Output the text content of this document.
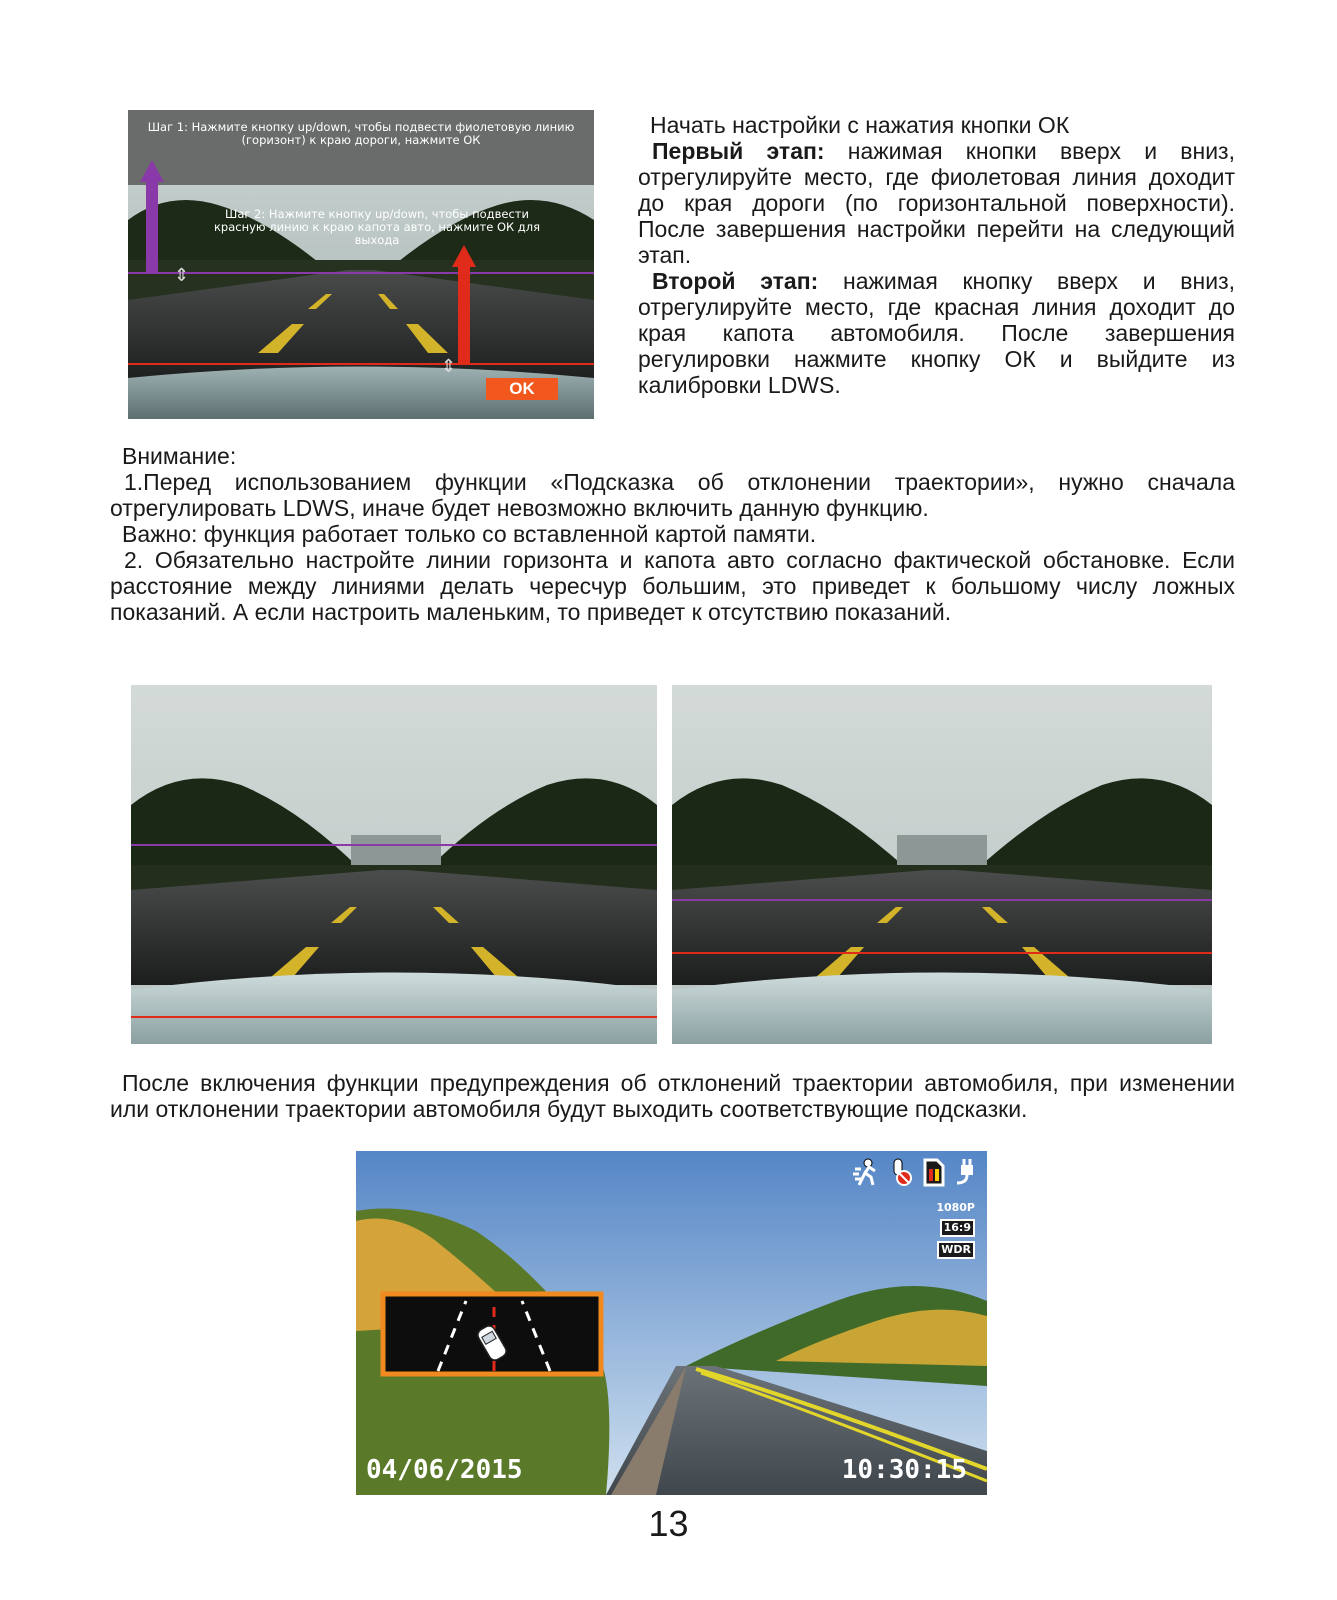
Начать настройки с нажатия кнопки ОК

Первый этап: нажимая кнопки вверх и вниз, отрегулируйте место, где фиолетовая линия доходит до края дороги (по горизонтальной поверхности). После завершения настройки перейти на следующий этап.

Второй этап: нажимая кнопку вверх и вниз, отрегулируйте место, где красная линия доходит до края капота автомобиля. После завершения регулировки нажмите кнопку ОК и выйдите из калибровки LDWS.

⇕
⇕
Шаг 1: Нажмите кнопку up/down, чтобы подвести фиолетовую линию (горизонт) к краю дороги, нажмите ОК
Шаг 2: Нажмите кнопку up/down, чтобы подвести красную линию к краю капота авто, нажмите ОК для выхода
OK

Внимание:

1.Перед использованием функции «Подсказка об отклонении траектории», нужно сначала отрегулировать LDWS, иначе будет невозможно включить данную функцию.

Важно: функция работает только со вставленной картой памяти.

2. Обязательно настройте линии горизонта и капота авто согласно фактической обстановке. Если расстояние между линиями делать чересчур большим, это приведет к большому числу ложных показаний. А если настроить маленьким, то приведет к отсутствию показаний.

После включения функции предупреждения об отклонений траектории автомобиля, при изменении или отклонении траектории автомобиля будут выходить соответствующие подсказки.
1080P
16:9
WDR
04/06/2015	10:30:15
13
